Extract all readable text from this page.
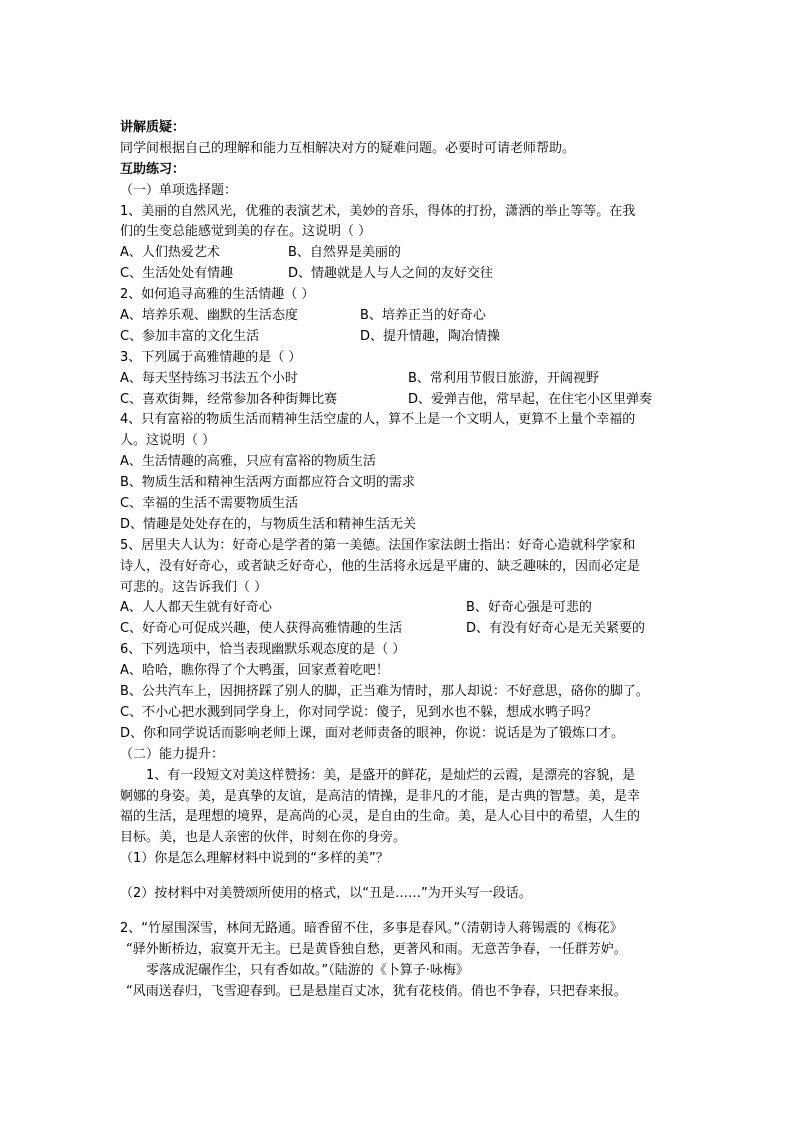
讲解质疑：
同学间根据自己的理解和能力互相解决对方的疑难问题。必要时可请老师帮助。
互助练习：
（一）单项选择题：
1、美丽的自然风光，优雅的表演艺术，美妙的音乐，得体的打扮，潇洒的举止等等。在我
们的生变总能感觉到美的存在。这说明（ ）
A、人们热爱艺术	B、自然界是美丽的
C、生活处处有情趣	D、情趣就是人与人之间的友好交往
2、如何追寻高雅的生活情趣（ ）
A、培养乐观、幽默的生活态度	B、培养正当的好奇心
C、参加丰富的文化生活	D、提升情趣，陶冶情操
3、下列属于高雅情趣的是（ ）
A、每天坚持练习书法五个小时	B、常利用节假日旅游，开阔视野
C、喜欢街舞，经常参加各种街舞比赛	D、爱弹吉他，常早起，在住宅小区里弹奏
4、只有富裕的物质生活而精神生活空虚的人，算不上是一个文明人，更算不上量个幸福的
人。这说明（ ）
A、生活情趣的高雅，只应有富裕的物质生活
B、物质生活和精神生活两方面都应符合文明的需求
C、幸福的生活不需要物质生活
D、情趣是处处存在的，与物质生活和精神生活无关
5、居里夫人认为：好奇心是学者的第一美德。法国作家法朗士指出：好奇心造就科学家和
诗人，没有好奇心，或者缺乏好奇心，他的生活将永远是平庸的、缺乏趣味的，因而必定是
可悲的。这告诉我们（ ）
A、人人都天生就有好奇心	B、好奇心强是可悲的
C、好奇心可促成兴趣，使人获得高雅情趣的生活	D、有没有好奇心是无关紧要的
6、下列选项中，恰当表现幽默乐观态度的是（ ）
A、哈哈，瞧你得了个大鸭蛋，回家煮着吃吧！
B、公共汽车上，因拥挤踩了别人的脚，正当难为情时，那人却说：不好意思，硌你的脚了。
C、不小心把水溅到同学身上，你对同学说：傻子，见到水也不躲，想成水鸭子吗？
D、你和同学说话而影响老师上课，面对老师责备的眼神，你说：说话是为了锻炼口才。
（二）能力提升：
1、有一段短文对美这样赞扬：美，是盛开的鲜花，是灿烂的云霞，是漂亮的容貌，是
婀娜的身姿。美，是真挚的友谊，是高洁的情操，是非凡的才能，是古典的智慧。美，是幸
福的生活，是理想的境界，是高尚的心灵，是自由的生命。美，是人心目中的希望，人生的
目标。美，也是人亲密的伙伴，时刻在你的身旁。
（1）你是怎么理解材料中说到的“多样的美”？
（2）按材料中对美赞颂所使用的格式，以“丑是……”为开头写一段话。
2、“竹屋围深雪，林间无路通。暗香留不住，多事是春风。”（清朝诗人蒋锡震的《梅花》
“驿外断桥边，寂寞开无主。已是黄昏独自愁，更著风和雨。无意苦争春，一任群芳妒。
零落成泥碾作尘，只有香如故。”（陆游的《卜算子·咏梅》
“风雨送春归，飞雪迎春到。已是悬崖百丈冰，犹有花枝俏。俏也不争春，只把春来报。
